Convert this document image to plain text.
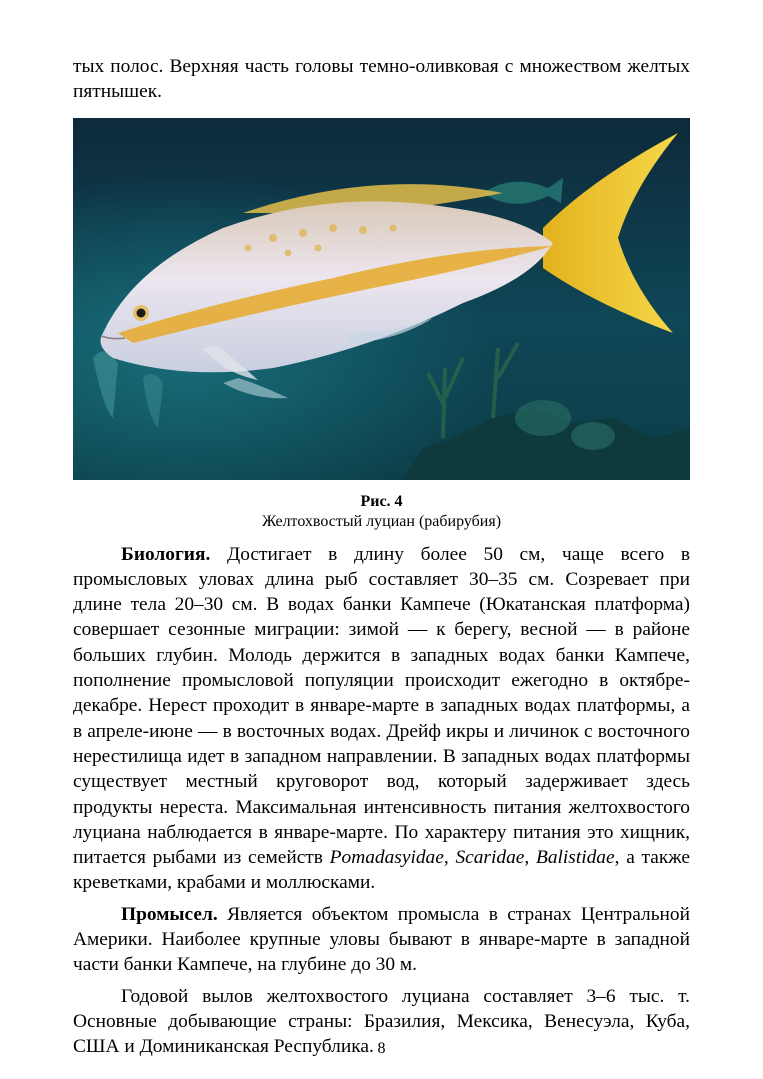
тых полос. Верхняя часть головы темно-оливковая с множеством желтых пятнышек.

Рис. 4
Желтохвостый луциан (рабирубия)

Биология. Достигает в длину более 50 см, чаще всего в промысловых уловах длина рыб составляет 30–35 см. Созревает при длине тела 20–30 см. В водах банки Кампече (Юкатанская платформа) совершает сезонные миграции: зимой — к берегу, весной — в районе больших глубин. Молодь держится в западных водах банки Кампече, пополнение промысловой популяции происходит ежегодно в октябре-декабре. Нерест проходит в январе-марте в западных водах платформы, а в апреле-июне — в восточных водах. Дрейф икры и личинок с восточного нерестилища идет в западном направлении. В западных водах платформы существует местный круговорот вод, который задерживает здесь продукты нереста. Максимальная интенсивность питания желтохвостого луциана наблюдается в январе-марте. По характеру питания это хищник, питается рыбами из семейств Pomadasyidae, Scaridae, Balistidae, а также креветками, крабами и моллюсками.

Промысел. Является объектом промысла в странах Центральной Америки. Наиболее крупные уловы бывают в январе-марте в западной части банки Кампече, на глубине до 30 м.

Годовой вылов желтохвостого луциана составляет 3–6 тыс. т. Основные добывающие страны: Бразилия, Мексика, Венесуэла, Куба, США и Доминиканская Республика. 8
